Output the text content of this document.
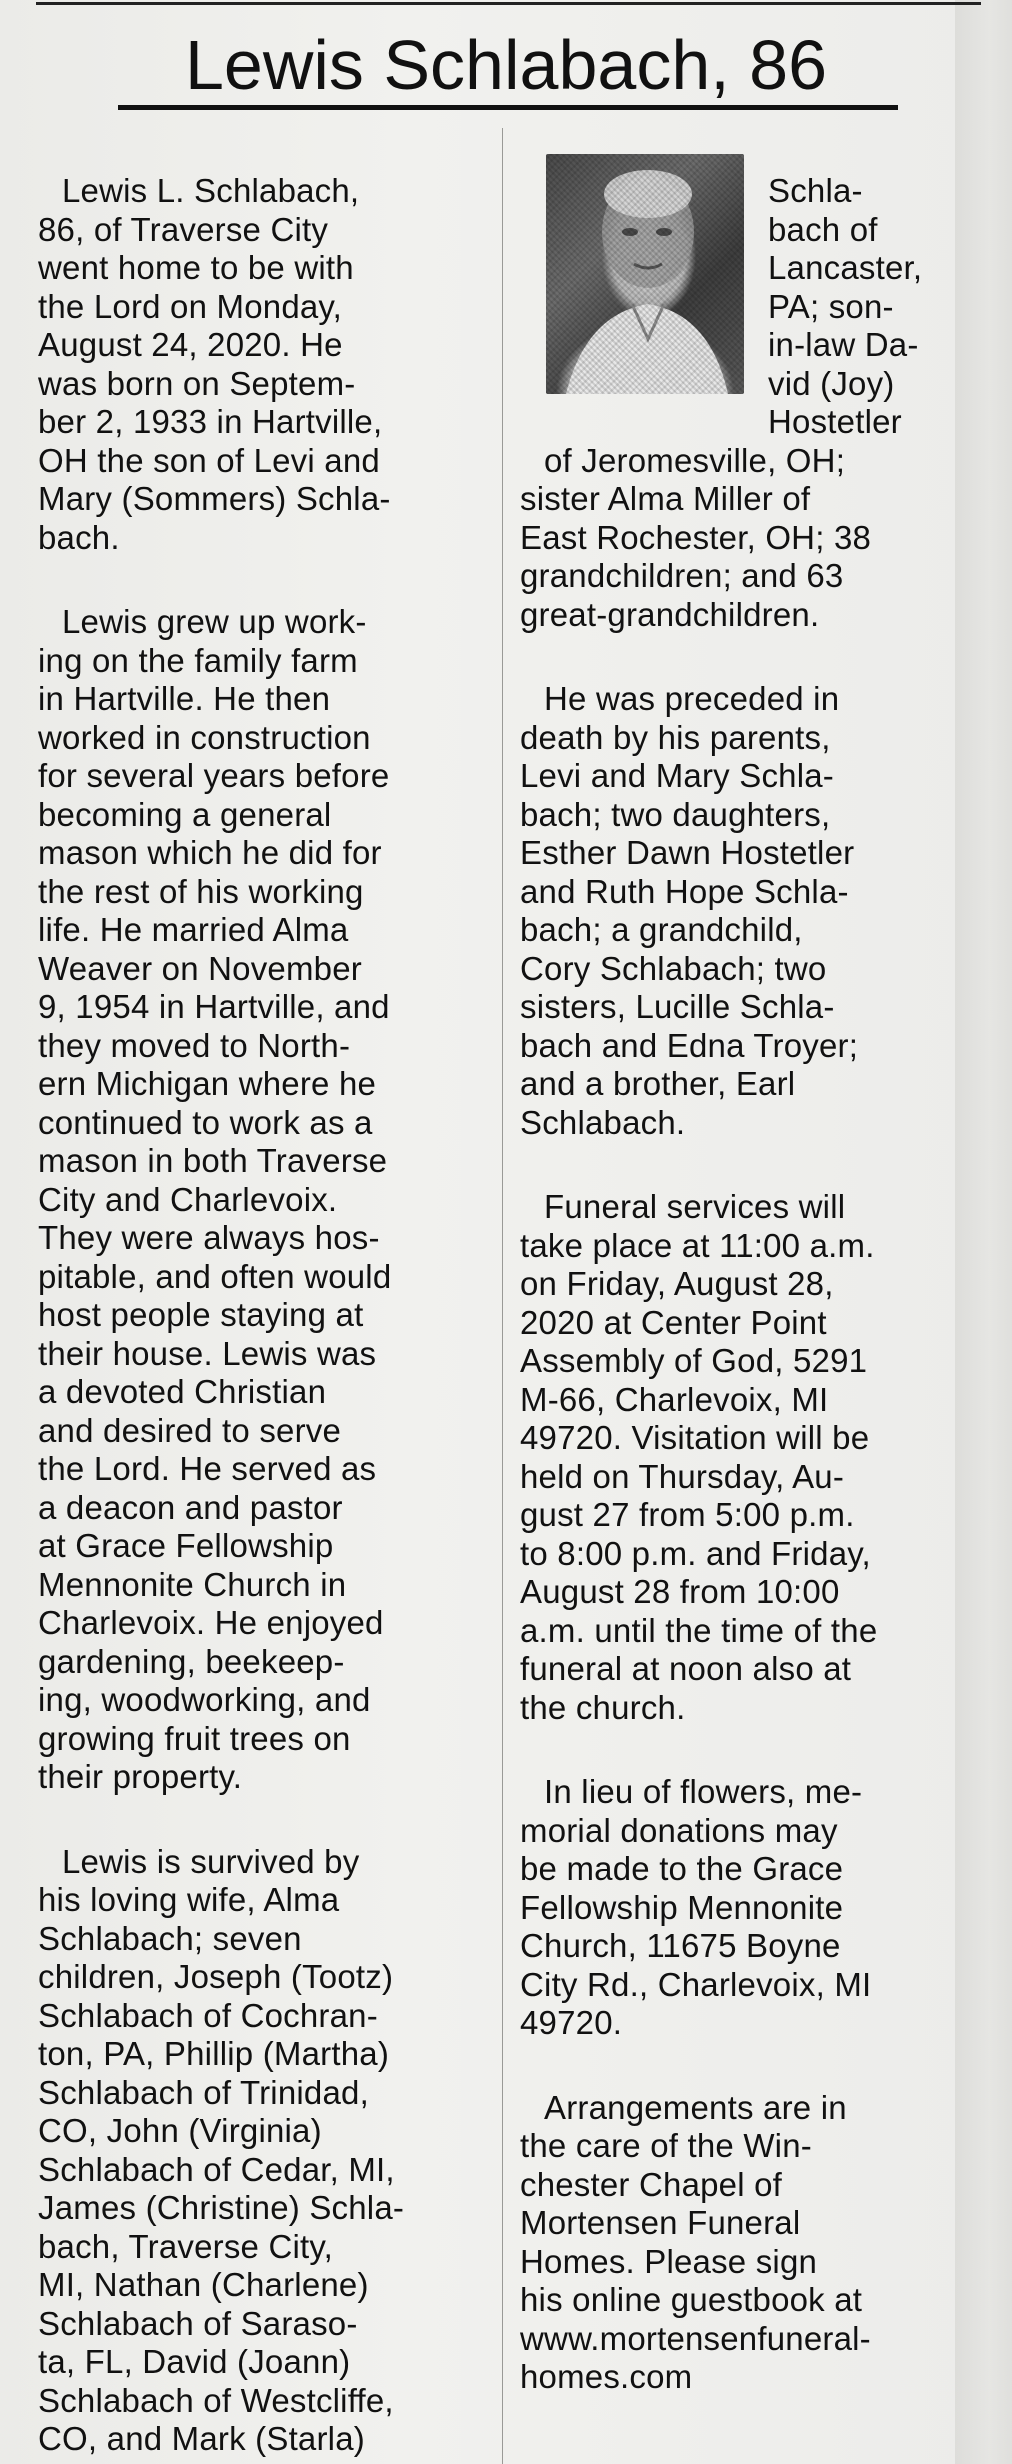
Lewis Schlabach, 86

Lewis L. Schlabach,
86, of Traverse City
went home to be with
the Lord on Monday,
August 24, 2020. He
was born on Septem-
ber 2, 1933 in Hartville,
OH the son of Levi and
Mary (Sommers) Schla-
bach.

Lewis grew up work-
ing on the family farm
in Hartville. He then
worked in construction
for several years before
becoming a general
mason which he did for
the rest of his working
life. He married Alma
Weaver on November
9, 1954 in Hartville, and
they moved to North-
ern Michigan where he
continued to work as a
mason in both Traverse
City and Charlevoix.
They were always hos-
pitable, and often would
host people staying at
their house. Lewis was
a devoted Christian
and desired to serve
the Lord. He served as
a deacon and pastor
at Grace Fellowship
Mennonite Church in
Charlevoix. He enjoyed
gardening, beekeep-
ing, woodworking, and
growing fruit trees on
their property.

Lewis is survived by
his loving wife, Alma
Schlabach; seven
children, Joseph (Tootz)
Schlabach of Cochran-
ton, PA, Phillip (Martha)
Schlabach of Trinidad,
CO, John (Virginia)
Schlabach of Cedar, MI,
James (Christine) Schla-
bach, Traverse City,
MI, Nathan (Charlene)
Schlabach of Saraso-
ta, FL, David (Joann)
Schlabach of Westcliffe,
CO, and Mark (Starla)

Schla-
bach of
Lancaster,
PA; son-
in-law Da-
vid (Joy)
Hostetler

of Jeromesville, OH;
sister Alma Miller of
East Rochester, OH; 38
grandchildren; and 63
great-grandchildren.

He was preceded in
death by his parents,
Levi and Mary Schla-
bach; two daughters,
Esther Dawn Hostetler
and Ruth Hope Schla-
bach; a grandchild,
Cory Schlabach; two
sisters, Lucille Schla-
bach and Edna Troyer;
and a brother, Earl
Schlabach.

Funeral services will
take place at 11:00 a.m.
on Friday, August 28,
2020 at Center Point
Assembly of God, 5291
M-66, Charlevoix, MI
49720. Visitation will be
held on Thursday, Au-
gust 27 from 5:00 p.m.
to 8:00 p.m. and Friday,
August 28 from 10:00
a.m. until the time of the
funeral at noon also at
the church.

In lieu of flowers, me-
morial donations may
be made to the Grace
Fellowship Mennonite
Church, 11675 Boyne
City Rd., Charlevoix, MI
49720.

Arrangements are in
the care of the Win-
chester Chapel of
Mortensen Funeral
Homes. Please sign
his online guestbook at
www.mortensenfuneral-
homes.com
